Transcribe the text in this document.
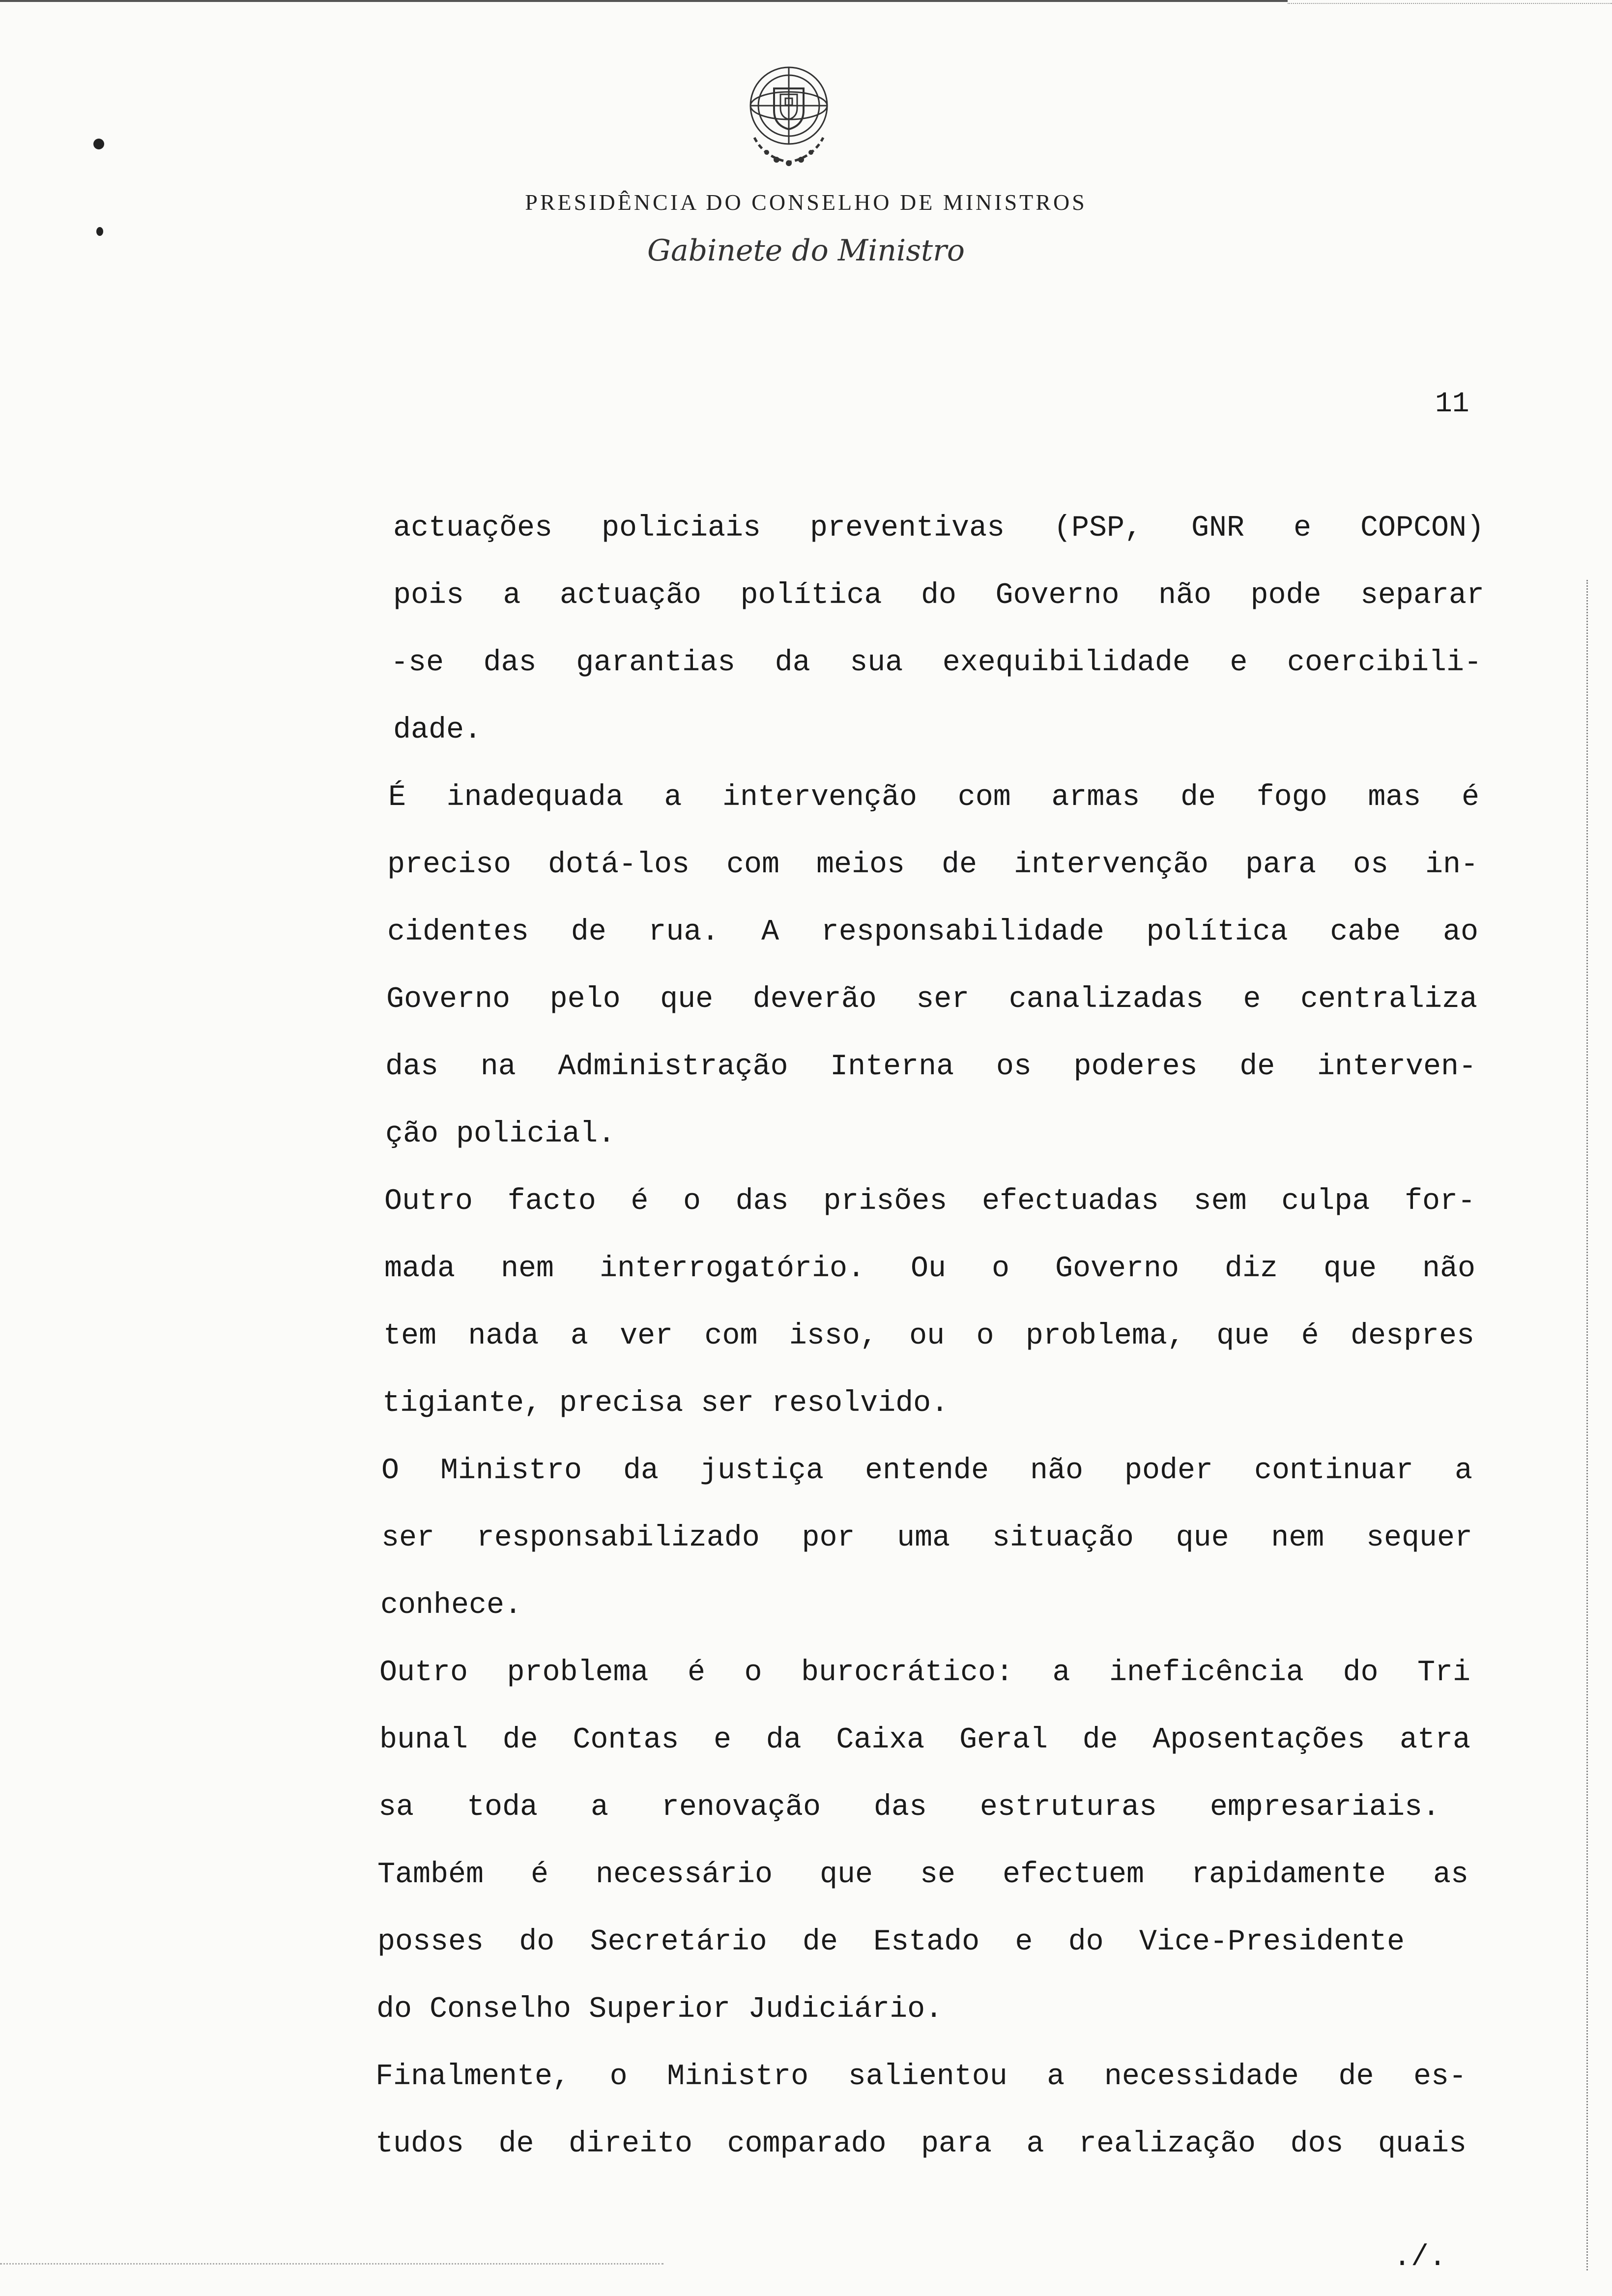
PRESIDÊNCIA DO CONSELHO DE MINISTROS
Gabinete do Ministro
11
actuações policiais preventivas (PSP, GNR e COPCON)
pois a actuação política do Governo não pode separar
-se das garantias da sua exequibilidade e coercibili-
dade.
É inadequada a intervenção com armas de fogo mas é
preciso dotá-los com meios de intervenção para os in-
cidentes de rua. A responsabilidade política cabe ao
Governo pelo que deverão ser canalizadas e centraliza
das na Administração Interna os poderes de interven-
ção policial.
Outro facto é o das prisões efectuadas sem culpa for-
mada nem interrogatório. Ou o Governo diz que não
tem nada a ver com isso, ou o problema, que é despres
tigiante, precisa ser resolvido.
O Ministro da justiça entende não poder continuar a
ser responsabilizado por uma situação que nem sequer
conhece.
Outro problema é o burocrático: a ineficência do Tri
bunal de Contas e da Caixa Geral de Aposentações atra
sa toda a renovação das estruturas empresariais.
Também é necessário que se efectuem rapidamente as
posses do Secretário de Estado e do Vice-Presidente
do Conselho Superior Judiciário.
Finalmente, o Ministro salientou a necessidade de es-
tudos de direito comparado para a realização dos quais
./.
